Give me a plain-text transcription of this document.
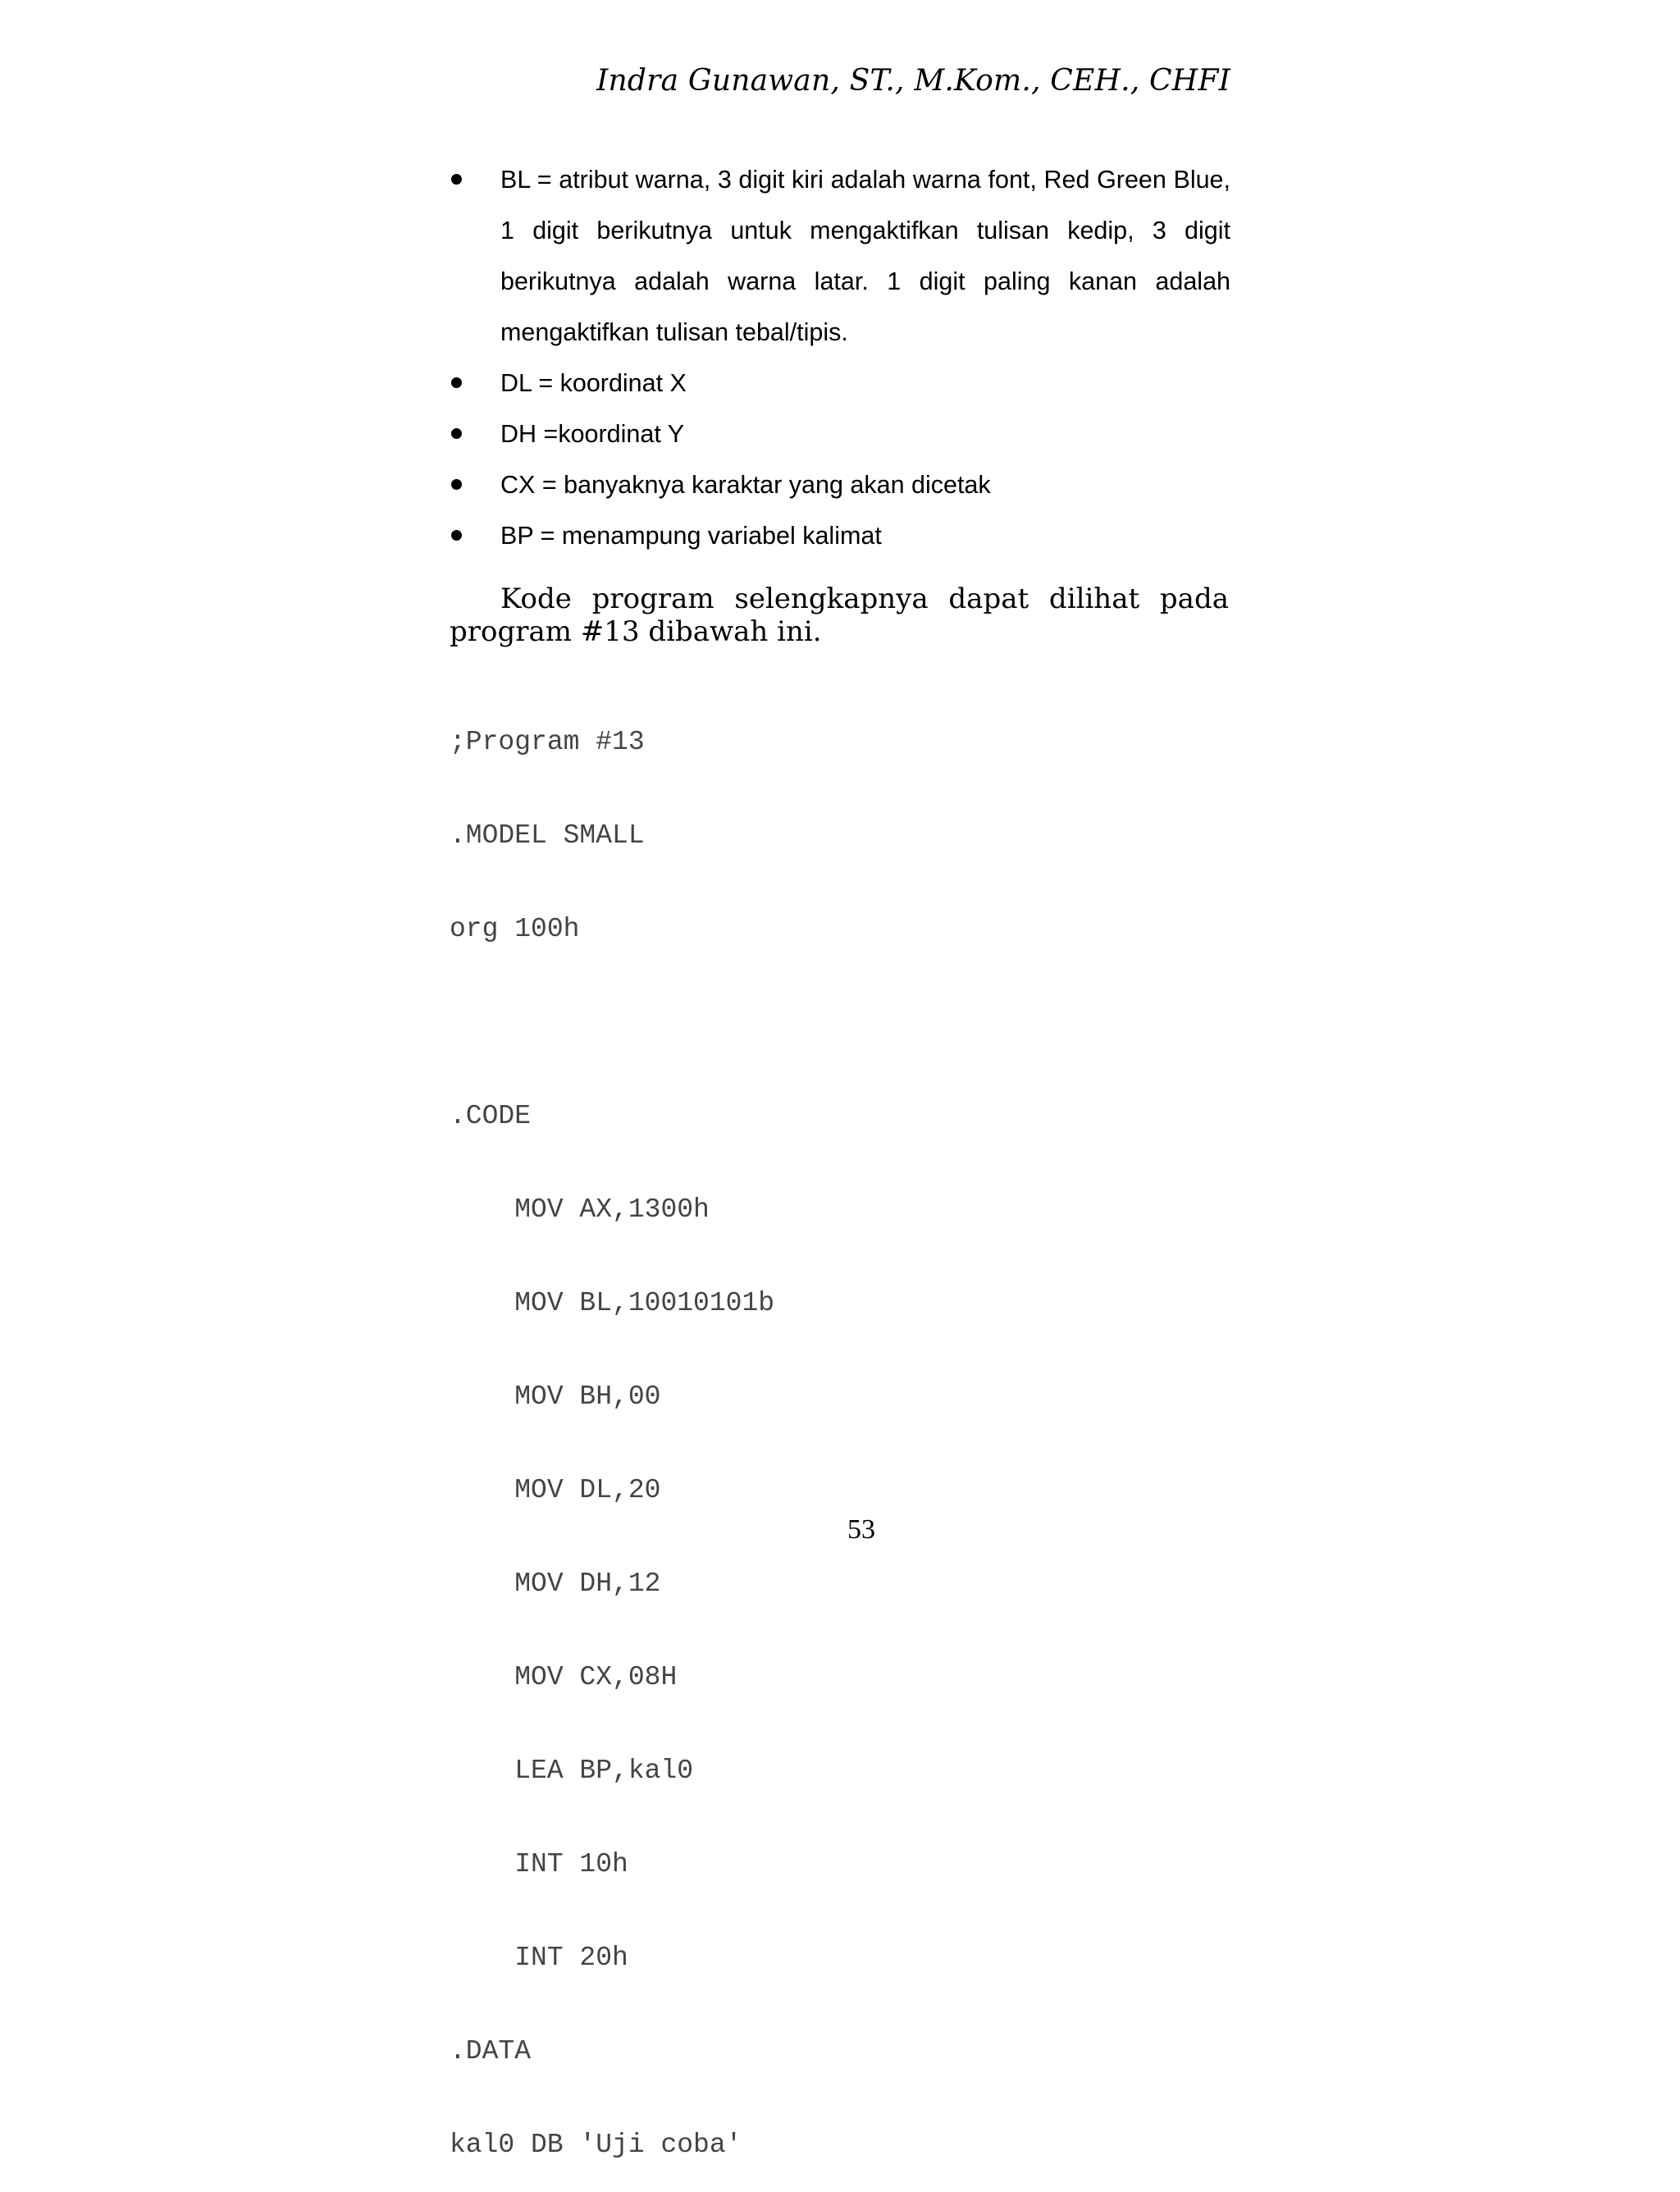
Indra Gunawan, ST., M.Kom., CEH., CHFI
BL = atribut warna, 3 digit kiri adalah warna font, Red Green Blue, 1 digit berikutnya untuk mengaktifkan tulisan kedip, 3 digit berikutnya adalah warna latar. 1 digit paling kanan adalah mengaktifkan tulisan tebal/tipis.
DL = koordinat X
DH =koordinat Y
CX = banyaknya karaktar yang akan dicetak
BP = menampung variabel kalimat

Kode program selengkapnya dapat dilihat pada program #13 dibawah ini.

;Program #13

.MODEL SMALL

org 100h

.CODE

MOV AX,1300h

MOV BL,10010101b

MOV BH,00

MOV DL,20

MOV DH,12

MOV CX,08H

LEA BP,kal0

INT 10h

INT 20h

.DATA

kal0 DB 'Uji coba'

53
